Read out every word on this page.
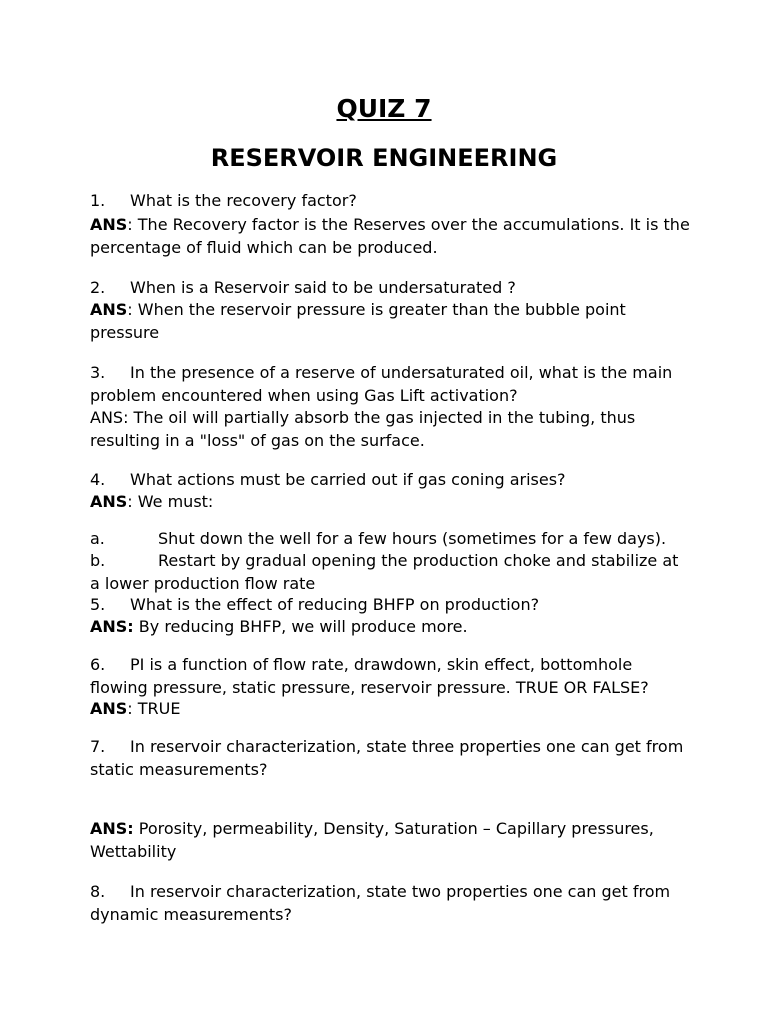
QUIZ 7
RESERVOIR ENGINEERING

1. What is the recovery factor?

ANS: The Recovery factor is the Reserves over the accumulations. It is the percentage of fluid which can be produced.

2. When is a Reservoir said to be undersaturated ?

ANS: When the reservoir pressure is greater than the bubble point pressure

3. In the presence of a reserve of undersaturated oil, what is the main problem encountered when using Gas Lift activation?

ANS: The oil will partially absorb the gas injected in the tubing, thus resulting in a "loss" of gas on the surface.

4. What actions must be carried out if gas coning arises?

ANS: We must:

a.	Shut down the well for a few hours (sometimes for a few days).

b.	Restart by gradual opening the production choke and stabilize at a lower production flow rate

5. What is the effect of reducing BHFP on production?

ANS: By reducing BHFP, we will produce more.

6. PI is a function of flow rate, drawdown, skin effect, bottomhole flowing pressure, static pressure, reservoir pressure. TRUE OR FALSE?

ANS: TRUE

7. In reservoir characterization, state three properties one can get from static measurements?

ANS: Porosity, permeability, Density, Saturation – Capillary pressures, Wettability

8. In reservoir characterization, state two properties one can get from dynamic measurements?
